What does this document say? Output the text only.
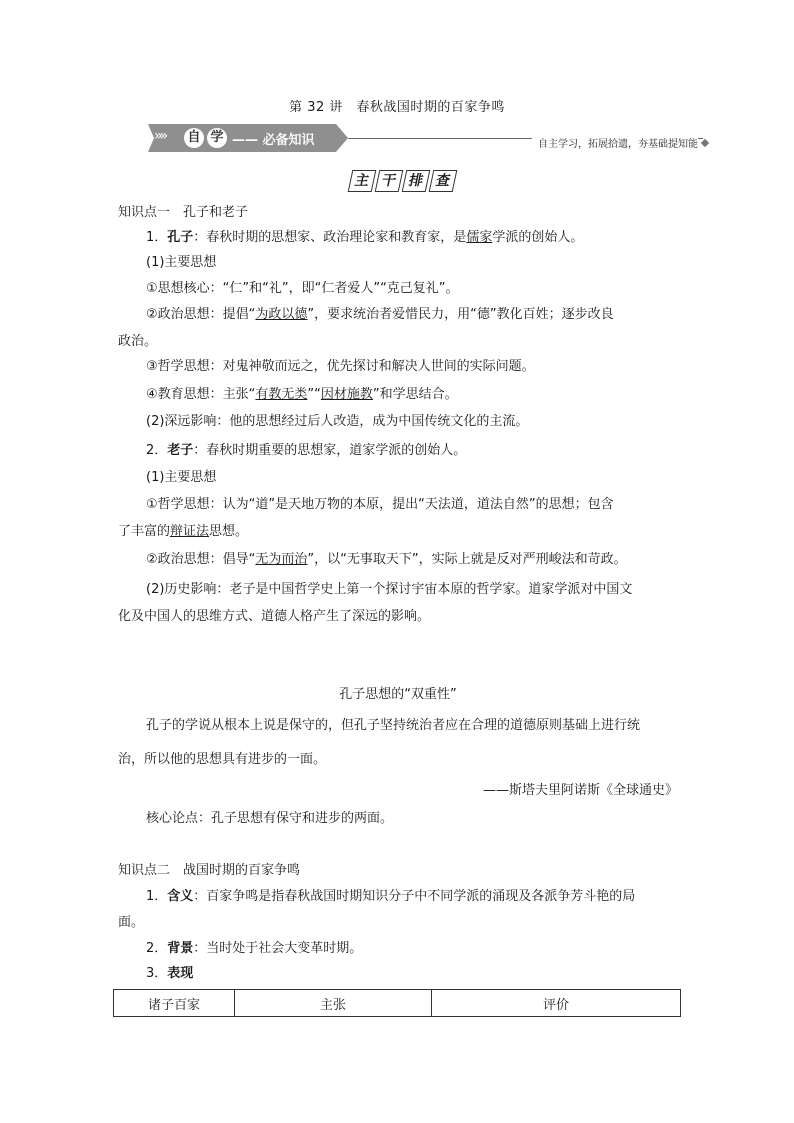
第 32 讲　春秋战国时期的百家争鸣
»» 自 学 —— 必备知识	自主学习，拓展拾遗，夯基础提知能
主 干 排 查
知识点一　孔子和老子
1．孔子：春秋时期的思想家、政治理论家和教育家，是儒家学派的创始人。
(1)主要思想
①思想核心：“仁”和“礼”，即“仁者爱人”“克己复礼”。
②政治思想：提倡“为政以德”，要求统治者爱惜民力，用“德”教化百姓；逐步改良
政治。
③哲学思想：对鬼神敬而远之，优先探讨和解决人世间的实际问题。
④教育思想：主张“有教无类”“因材施教”和学思结合。
(2)深远影响：他的思想经过后人改造，成为中国传统文化的主流。
2．老子：春秋时期重要的思想家，道家学派的创始人。
(1)主要思想
①哲学思想：认为“道”是天地万物的本原，提出“天法道，道法自然”的思想；包含
了丰富的辩证法思想。
②政治思想：倡导“无为而治”，以“无事取天下”，实际上就是反对严刑峻法和苛政。
(2)历史影响：老子是中国哲学史上第一个探讨宇宙本原的哲学家。道家学派对中国文
化及中国人的思维方式、道德人格产生了深远的影响。
孔子思想的“双重性”
孔子的学说从根本上说是保守的，但孔子坚持统治者应在合理的道德原则基础上进行统
治，所以他的思想具有进步的一面。
——斯塔夫里阿诺斯《全球通史》
核心论点：孔子思想有保守和进步的两面。
知识点二　战国时期的百家争鸣
1．含义：百家争鸣是指春秋战国时期知识分子中不同学派的涌现及各派争芳斗艳的局
面。
2．背景：当时处于社会大变革时期。
3．表现
诸子百家	主张	评价
